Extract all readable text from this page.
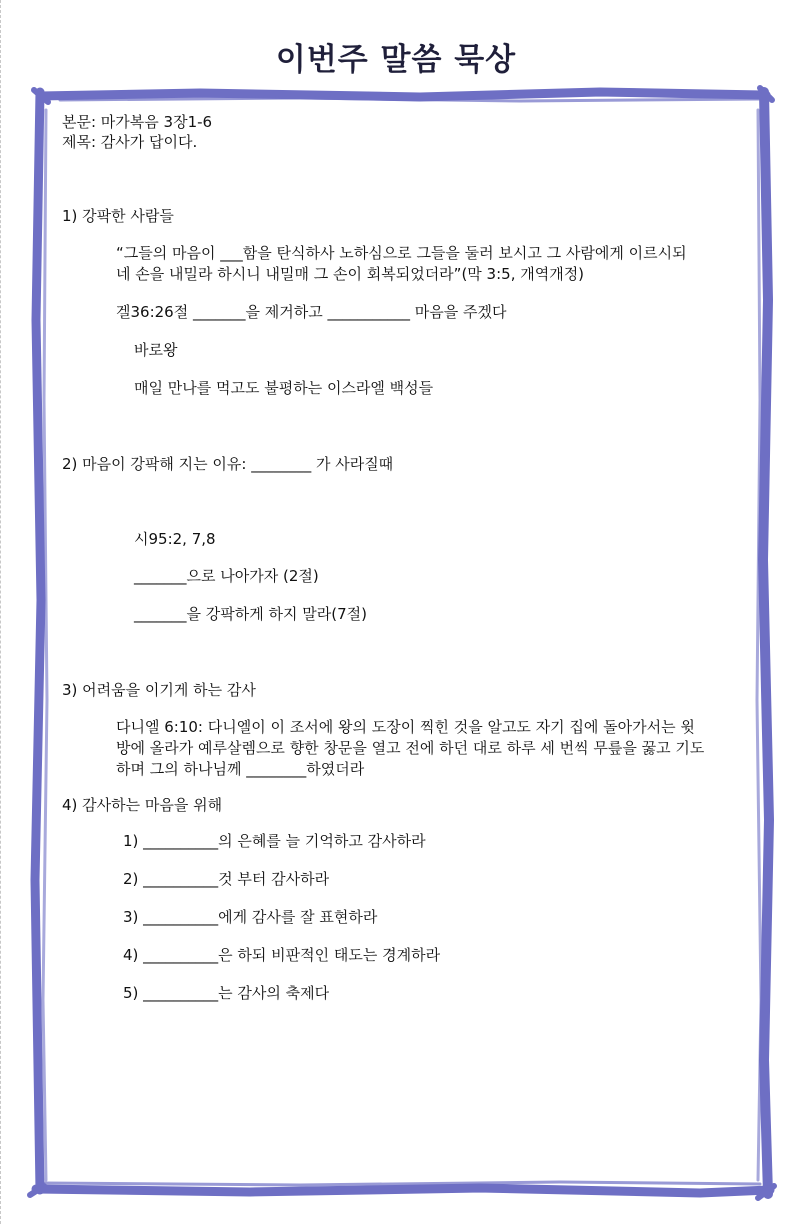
이번주 말씀 묵상
본문: 마가복음 3장1-6
제목: 감사가 답이다.
1) 강팍한 사람들
“그들의 마음이 ___함을 탄식하사 노하심으로 그들을 둘러 보시고 그 사람에게 이르시되
네 손을 내밀라 하시니 내밀매 그 손이 회복되었더라”(막 3:5, 개역개정)
겔36:26절 _______을 제거하고 ___________ 마음을 주겠다
바로왕
매일 만나를 먹고도 불평하는 이스라엘 백성들
2) 마음이 강팍해 지는 이유: ________ 가 사라질때
시95:2, 7,8
_______으로 나아가자 (2절)
_______을 강팍하게 하지 말라(7절)
3) 어려움을 이기게 하는 감사
다니엘 6:10: 다니엘이 이 조서에 왕의 도장이 찍힌 것을 알고도 자기 집에 돌아가서는 윗
방에 올라가 예루살렘으로 향한 창문을 열고 전에 하던 대로 하루 세 번씩 무릎을 꿇고 기도
하며 그의 하나님께 ________하였더라
4) 감사하는 마음을 위해
1) __________의 은혜를 늘 기억하고 감사하라
2) __________것 부터 감사하라
3) __________에게 감사를 잘 표현하라
4) __________은 하되 비판적인 태도는 경계하라
5) __________는 감사의 축제다
